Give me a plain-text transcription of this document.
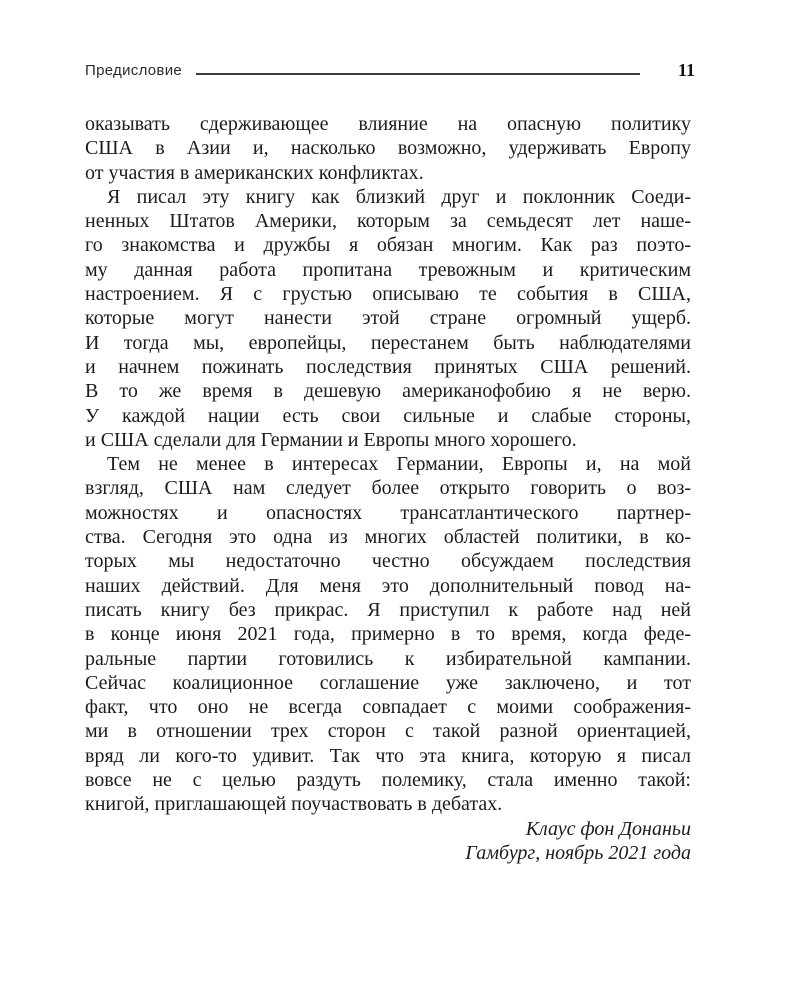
Предисловие	11
оказывать сдерживающее влияние на опасную политику
США в Азии и, насколько возможно, удерживать Европу
от участия в американских конфликтах.
Я писал эту книгу как близкий друг и поклонник Соеди-
ненных Штатов Америки, которым за семьдесят лет наше-
го знакомства и дружбы я обязан многим. Как раз поэто-
му данная работа пропитана тревожным и критическим
настроением. Я с грустью описываю те события в США,
которые могут нанести этой стране огромный ущерб.
И тогда мы, европейцы, перестанем быть наблюдателями
и начнем пожинать последствия принятых США решений.
В то же время в дешевую американофобию я не верю.
У каждой нации есть свои сильные и слабые стороны,
и США сделали для Германии и Европы много хорошего.
Тем не менее в интересах Германии, Европы и, на мой
взгляд, США нам следует более открыто говорить о воз-
можностях и опасностях трансатлантического партнер-
ства. Сегодня это одна из многих областей политики, в ко-
торых мы недостаточно честно обсуждаем последствия
наших действий. Для меня это дополнительный повод на-
писать книгу без прикрас. Я приступил к работе над ней
в конце июня 2021 года, примерно в то время, когда феде-
ральные партии готовились к избирательной кампании.
Сейчас коалиционное соглашение уже заключено, и тот
факт, что оно не всегда совпадает с моими соображения-
ми в отношении трех сторон с такой разной ориентацией,
вряд ли кого-то удивит. Так что эта книга, которую я писал
вовсе не с целью раздуть полемику, стала именно такой:
книгой, приглашающей поучаствовать в дебатах.
Клаус фон Донаньи
Гамбург, ноябрь 2021 года
